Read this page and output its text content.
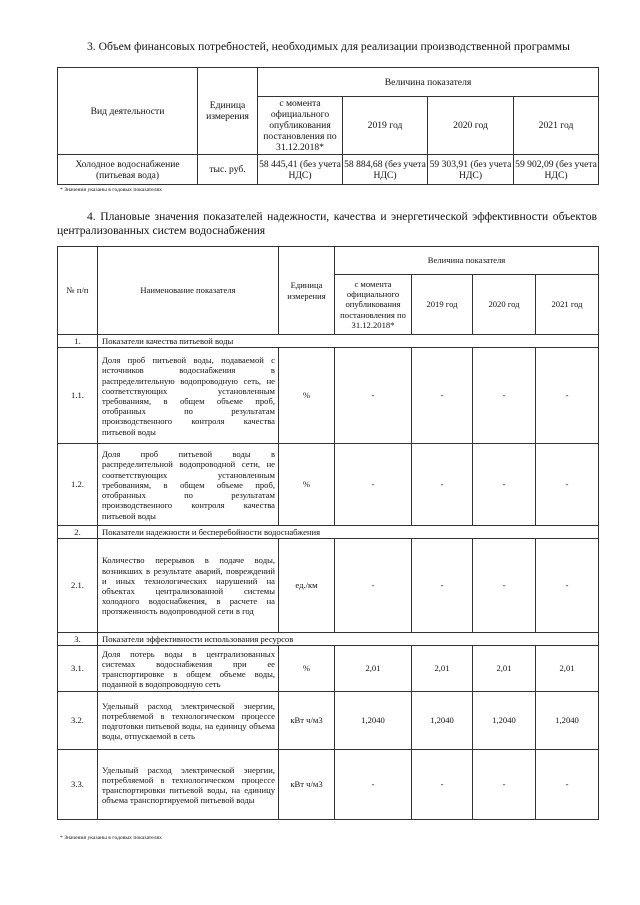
3. Объем финансовых потребностей, необходимых для реализации производственной программы
Вид деятельности	Единица измерения	Величина показателя			
		с момента официального опубликования постановления по 31.12.2018*	2019 год	2020 год	2021 год
Холодное водоснабжение (питьевая вода)	тыс. руб.	58 445,41 (без учета НДС)	58 884,68 (без учета НДС)	59 303,91 (без учета НДС)	59 902,09 (без учета НДС)
* Значения указаны в годовых показателях
4. Плановые значения показателей надежности, качества и энергетической эффективности объектов централизованных систем водоснабжения
№ п/п	Наименование показателя	Единица измерения	Величина показателя			
			с момента официального опубликования постановления по 31.12.2018*	2019 год	2020 год	2021 год
1.	Показатели качества питьевой воды					
1.1.	Доля проб питьевой воды, подаваемой с источников водоснабжения в распределительную водопроводную сеть, не соответствующих установленным требованиям, в общем объеме проб, отобранных по результатам производственного контроля качества питьевой воды	%	-	-	-	-
1.2.	Доля проб питьевой воды в распределительной водопроводной сети, не соответствующих установленным требованиям, в общем объеме проб, отобранных по результатам производственного контроля качества питьевой воды	%	-	-	-	-
2.	Показатели надежности и бесперебойности водоснабжения					
2.1.	Количество перерывов в подаче воды, возникших в результате аварий, повреждений и иных технологических нарушений на объектах централизованной системы холодного водоснабжения, в расчете на протяженность водопроводной сети в год	ед./км	-	-	-	-
3.	Показатели эффективности использования ресурсов					
3.1.	Доля потерь воды в централизованных системах водоснабжения при ее транспортировке в общем объеме воды, поданной в водопроводную сеть	%	2,01	2,01	2,01	2,01
3.2.	Удельный расход электрической энергии, потребляемой в технологическом процессе подготовки питьевой воды, на единицу объема воды, отпускаемой в сеть	кВт ч/м3	1,2040	1,2040	1,2040	1,2040
3.3.	Удельный расход электрической энергии, потребляемой в технологическом процессе транспортировки питьевой воды, на единицу объема транспортируемой питьевой воды	кВт ч/м3	-	-	-	-
* Значения указаны в годовых показателях
